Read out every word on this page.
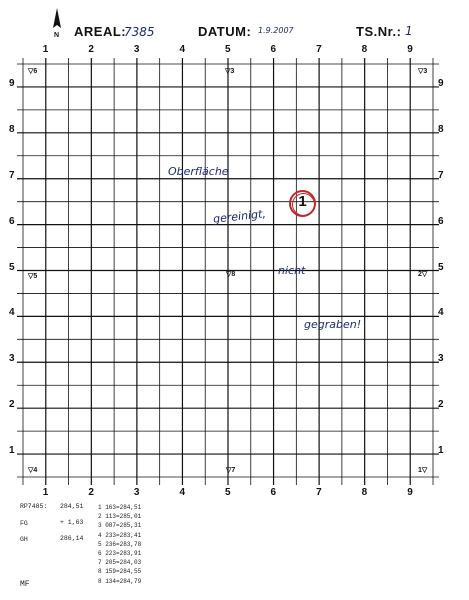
N AREAL:
7385	DATUM: 1.9.2007	TS.Nr.: 1
1
1
2
2
3
3
4
4
5
5
6
6
7
7
8
8
9
9
9	9
8	8
7	7
6	6
5	5
4	4
3	3
2	2
1	1
▽6	▽3	▽3
▽5	▽8	2▽
▽4	▽7	1▽
Oberfläche
gereinigt,
nicht
gegraben!
1
RP7485: 284,51
FG	+ 1,63
GH	286,14
MF
1 163=284,51
2 113=285,01
3 087=285,31
4 233=283,41
5 236=283,78
6 223=283,91
7 205=284,03
8 159=284,55
8 134=284,79
